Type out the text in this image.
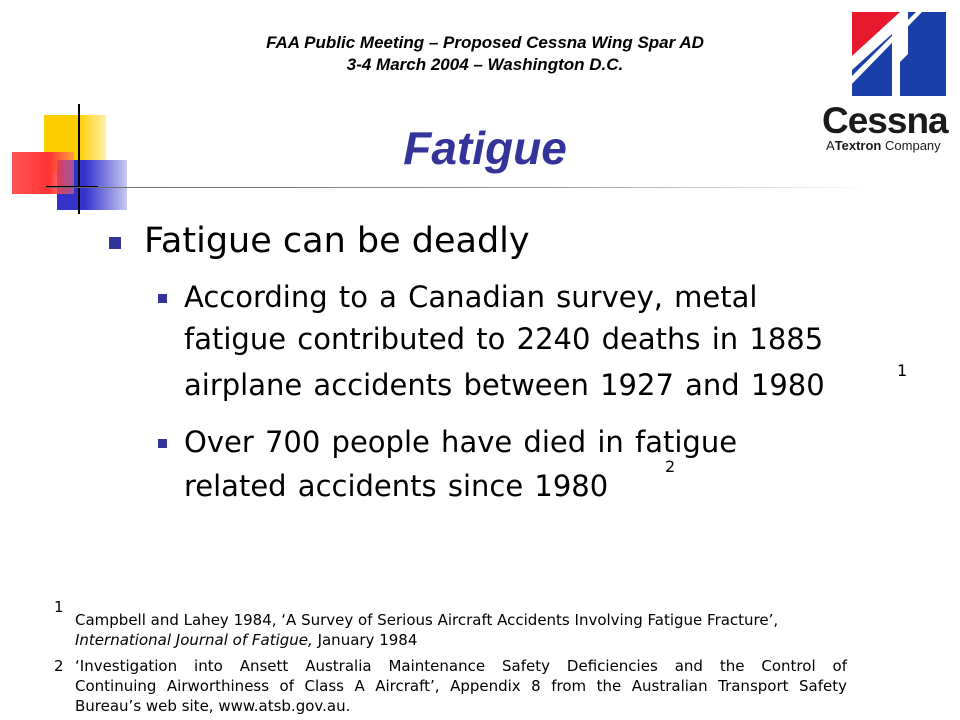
FAA Public Meeting – Proposed Cessna Wing Spar AD
3-4 March 2004 – Washington D.C.
Cessna
ATextron Company
Fatigue
Fatigue can be deadly
According to a Canadian survey, metal
fatigue contributed to 2240 deaths in 1885
airplane accidents between 1927 and 1980	1
Over 700 people have died in fatigue
related accidents since 1980
2
1
Campbell and Lahey 1984, ‘A Survey of Serious Aircraft Accidents Involving Fatigue Fracture’,
International Journal of Fatigue, January 1984
2 ‘Investigation into Ansett Australia Maintenance Safety Deficiencies and the Control of
Continuing Airworthiness of Class A Aircraft’, Appendix 8 from the Australian Transport Safety
Bureau’s web site, www.atsb.gov.au.
